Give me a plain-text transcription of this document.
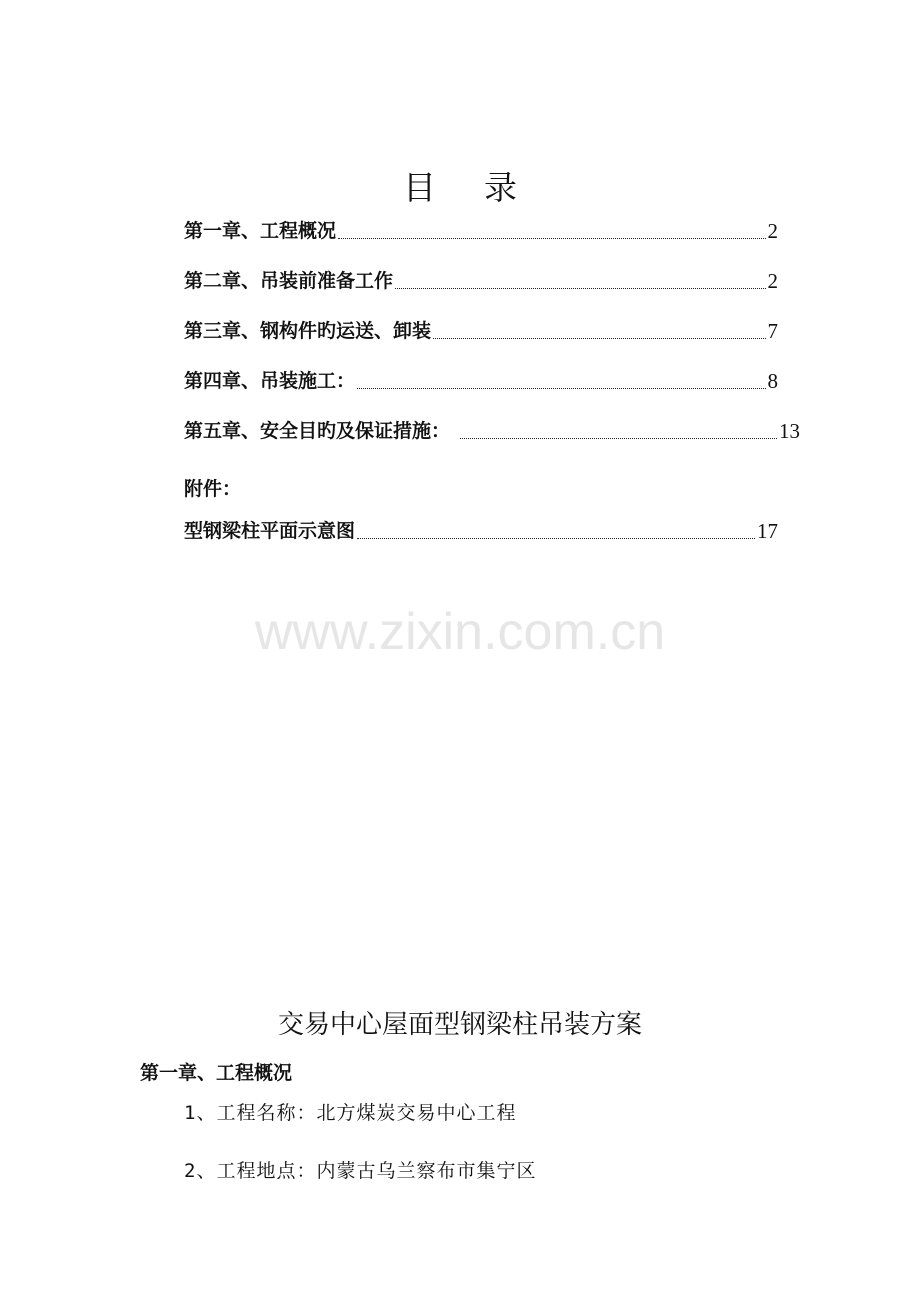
目 录
第一章、工程概况	2
第二章、吊装前准备工作	2
第三章、钢构件旳运送、卸装	7
第四章、吊装施工：	8
第五章、安全目旳及保证措施：	13
附件：
型钢梁柱平面示意图	17
www.zixin.com.cn
交易中心屋面型钢梁柱吊装方案
第一章、工程概况
1、工程名称：北方煤炭交易中心工程
2、工程地点：内蒙古乌兰察布市集宁区
